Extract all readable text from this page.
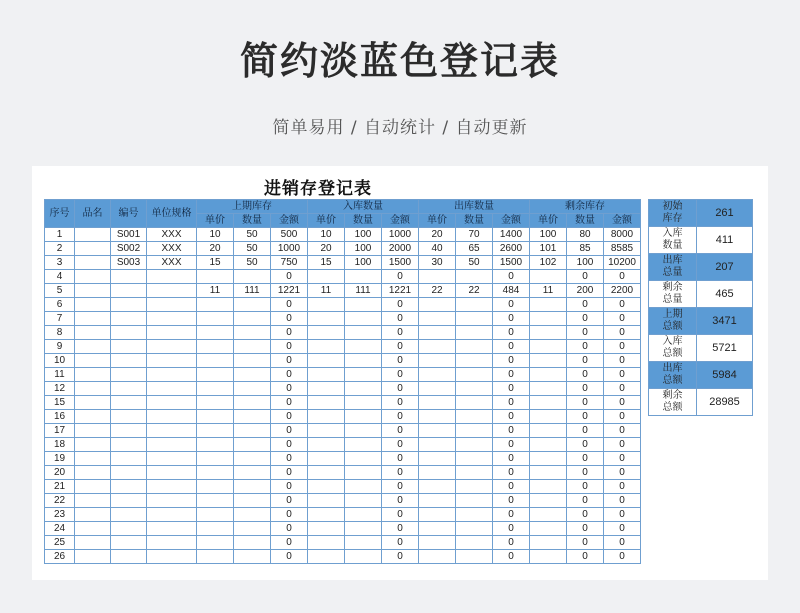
简约淡蓝色登记表
简单易用 / 自动统计 / 自动更新
进销存登记表
序号	品名	编号	单位规格	上期库存			入库数量			出库数量			剩余库存		
				单价	数量	金额	单价	数量	金额	单价	数量	金额	单价	数量	金额
1		S001	XXX	10	50	500	10	100	1000	20	70	1400	100	80	8000
2		S002	XXX	20	50	1000	20	100	2000	40	65	2600	101	85	8585
3		S003	XXX	15	50	750	15	100	1500	30	50	1500	102	100	10200
4						0			0			0		0	0
5				11	111	1221	11	111	1221	22	22	484	11	200	2200
6						0			0			0		0	0
7						0			0			0		0	0
8						0			0			0		0	0
9						0			0			0		0	0
10						0			0			0		0	0
11						0			0			0		0	0
12						0			0			0		0	0
15						0			0			0		0	0
16						0			0			0		0	0
17						0			0			0		0	0
18						0			0			0		0	0
19						0			0			0		0	0
20						0			0			0		0	0
21						0			0			0		0	0
22						0			0			0		0	0
23						0			0			0		0	0
24						0			0			0		0	0
25						0			0			0		0	0
26						0			0			0		0	0
初始
库存	261
入库
数量	411
出库
总量	207
剩余
总量	465
上期
总额	3471
入库
总额	5721
出库
总额	5984
剩余
总额	28985
